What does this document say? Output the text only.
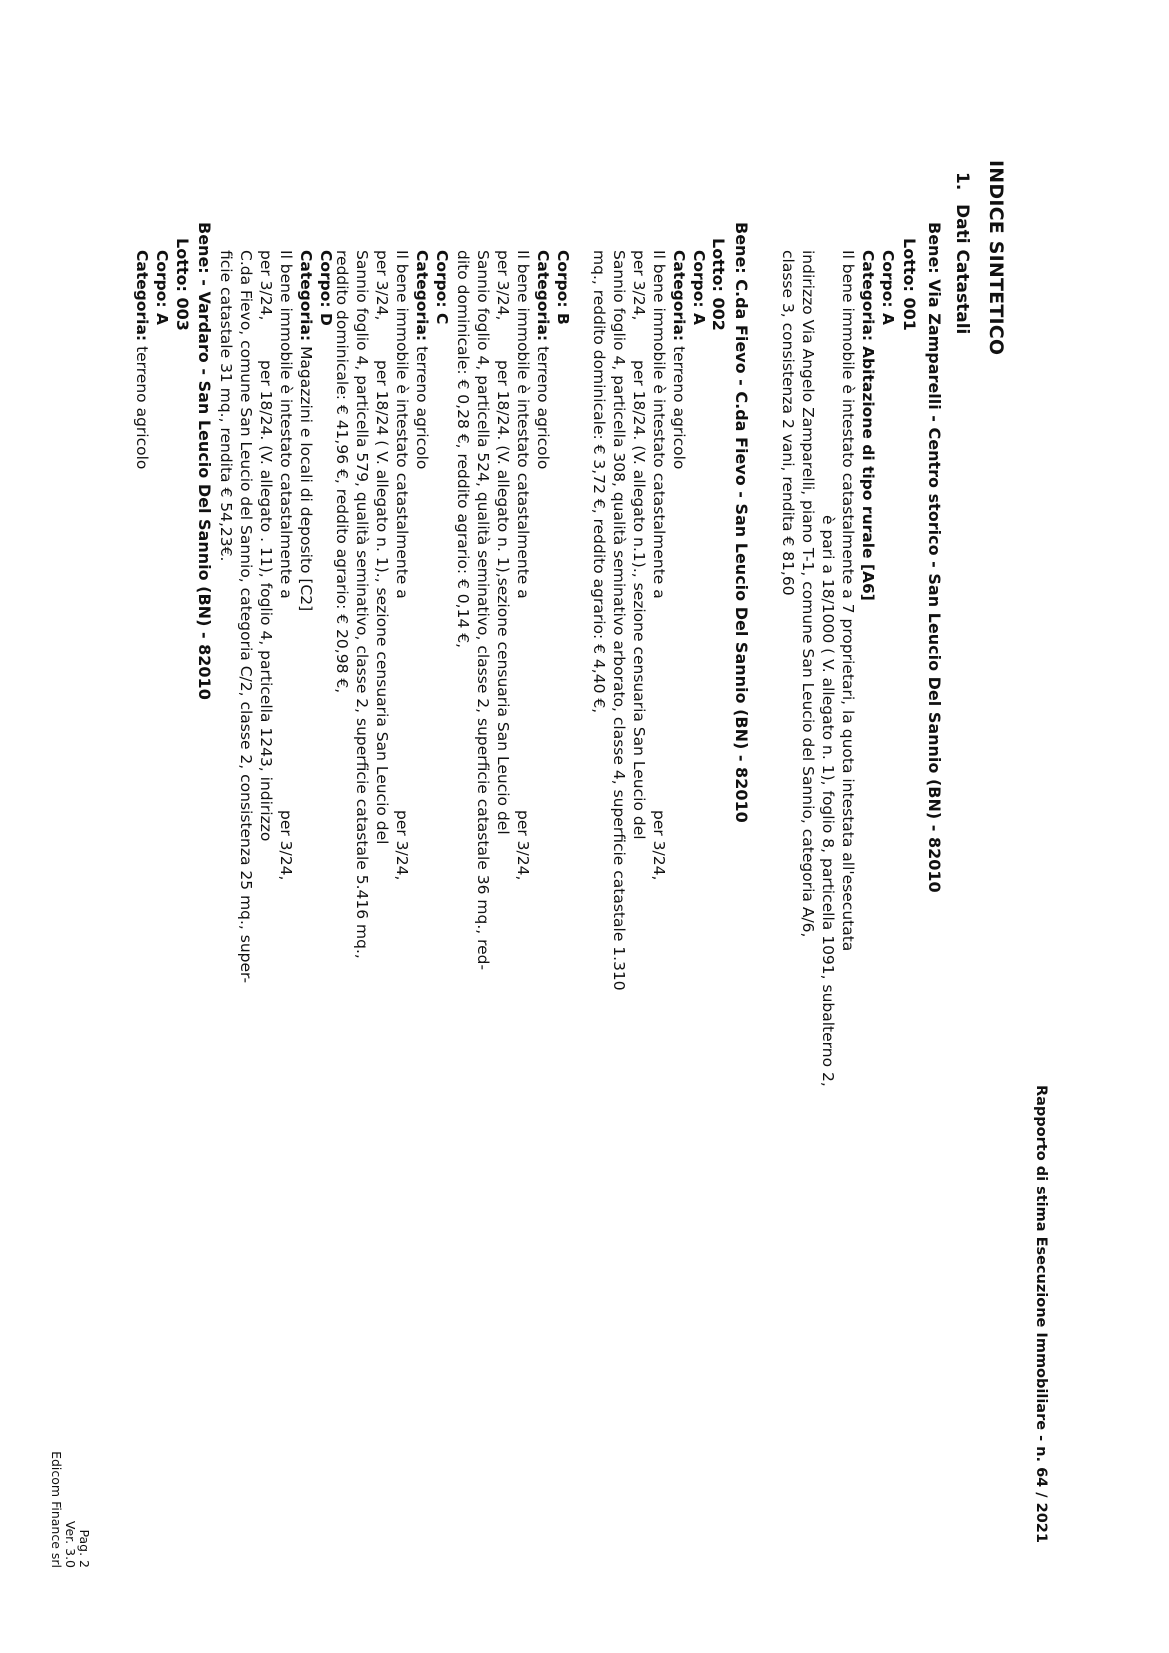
Rapporto di stima Esecuzione Immobiliare - n. 64 / 2021
INDICE SINTETICO
1.
Dati Catastali
Bene: Via Zamparelli - Centro storico - San Leucio Del Sannio (BN) - 82010
Lotto: 001
Corpo: A
Categoria: Abitazione di tipo rurale [A6]
Il bene immobile è intestato catastalmente a 7 proprietari, la quota intestata all'esecutata
è pari a 18/1000 ( V. allegato n. 1), foglio 8, particella 1091, subalterno 2,
indirizzo Via Angelo Zamparelli, piano T-1, comune San Leucio del Sannio, categoria A/6,
classe 3, consistenza 2 vani, rendita € 81,60
Bene: C.da Fievo - C.da Fievo - San Leucio Del Sannio (BN) - 82010
Lotto: 002
Corpo: A
Categoria: terreno agricolo
Il bene immobile è intestato catastalmente aper 3/24,
per 3/24,per 18/24. (V. allegato n.1)., sezione censuaria San Leucio del
Sannio foglio 4, particella 308, qualità seminativo arborato, classe 4, superficie catastale 1.310
mq., reddito dominicale: € 3,72 €, reddito agrario: € 4,40 €,
Corpo: B
Categoria: terreno agricolo
Il bene immobile è intestato catastalmente aper 3/24,
per 3/24,per 18/24. (V. allegato n. 1),sezione censuaria San Leucio del
Sannio foglio 4, particella 524, qualità seminativo, classe 2, superficie catastale 36 mq., red-
dito dominicale: € 0,28 €, reddito agrario: € 0,14 €,
Corpo: C
Categoria: terreno agricolo
Il bene immobile è intestato catastalmente aper 3/24,
per 3/24,per 18/24 ( V. allegato n. 1)., sezione censuaria San Leucio del
Sannio foglio 4, particella 579, qualità seminativo, classe 2, superficie catastale 5.416 mq.,
reddito dominicale: € 41,96 €, reddito agrario: € 20,98 €,
Corpo: D
Categoria: Magazzini e locali di deposito [C2]
Il bene immobile è intestato catastalmente aper 3/24,
per 3/24,per 18/24. (V. allegato . 11), foglio 4, particella 1243, indirizzo
C.da Fievo, comune San Leucio del Sannio, categoria C/2, classe 2, consistenza 25 mq., super-
ficie catastale 31 mq., rendita € 54,23€.
Bene: - Vardaro - San Leucio Del Sannio (BN) - 82010
Lotto: 003
Corpo: A
Categoria: terreno agricolo
Pag. 2
Ver. 3.0
Edicom Finance srl
